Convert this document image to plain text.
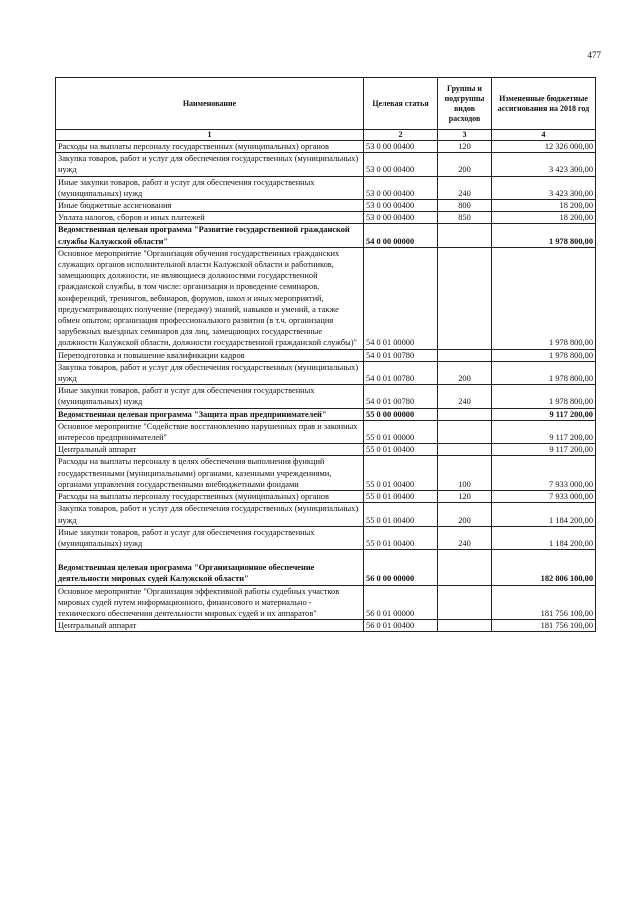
477
Наименование	Целевая статья	Группы и подгруппы видов расходов	Измененные бюджетные ассигнования на 2018 год
1	2	3	4
Расходы на выплаты персоналу государственных (муниципальных) органов	53 0 00 00400	120	12 326 000,00
Закупка товаров, работ и услуг для обеспечения государственных (муниципальных) нужд	53 0 00 00400	200	3 423 300,00
Иные закупки товаров, работ и услуг для обеспечения государственных (муниципальных) нужд	53 0 00 00400	240	3 423 300,00
Иные бюджетные ассигнования	53 0 00 00400	800	18 200,00
Уплата налогов, сборов и иных платежей	53 0 00 00400	850	18 200,00
Ведомственная целевая программа "Развитие государственной гражданской службы Калужской области"	54 0 00 00000		1 978 800,00
Основное мероприятие "Организация обучения государственных гражданских служащих органов исполнительной власти Калужской области и работников, замещающих должности, не являющиеся должностями государственной гражданской службы, в том числе: организация и проведение семинаров, конференций, тренингов, вебинаров, форумов, школ и иных мероприятий, предусматривающих получение (передачу) знаний, навыков и умений, а также обмен опытом; организация профессионального развития (в т.ч. организация зарубежных выездных семинаров для лиц, замещающих государственные должности Калужской области, должности государственной гражданской службы)"	54 0 01 00000		1 978 800,00
Переподготовка и повышение квалификации кадров	54 0 01 00780		1 978 800,00
Закупка товаров, работ и услуг для обеспечения государственных (муниципальных) нужд	54 0 01 00780	200	1 978 800,00
Иные закупки товаров, работ и услуг для обеспечения государственных (муниципальных) нужд	54 0 01 00780	240	1 978 800,00
Ведомственная целевая программа "Защита прав предпринимателей"	55 0 00 00000		9 117 200,00
Основное мероприятие "Содействие восстановлению нарушенных прав и законных интересов предпринимателей"	55 0 01 00000		9 117 200,00
Центральный аппарат	55 0 01 00400		9 117 200,00
Расходы на выплаты персоналу в целях обеспечения выполнения функций государственными (муниципальными) органами, казенными учреждениями, органами управления государственными внебюджетными фондами	55 0 01 00400	100	7 933 000,00
Расходы на выплаты персоналу государственных (муниципальных) органов	55 0 01 00400	120	7 933 000,00
Закупка товаров, работ и услуг для обеспечения государственных (муниципальных) нужд	55 0 01 00400	200	1 184 200,00
Иные закупки товаров, работ и услуг для обеспечения государственных (муниципальных) нужд	55 0 01 00400	240	1 184 200,00
Ведомственная целевая программа "Организационное обеспечение деятельности мировых судей Калужской области"	56 0 00 00000		182 806 100,00
Основное мероприятие "Организация эффективной работы судебных участков мировых судей путем информационного, финансового и материально - технического обеспечения деятельности мировых судей и их аппаратов"	56 0 01 00000		181 756 100,00
Центральный аппарат	56 0 01 00400		181 756 100,00
